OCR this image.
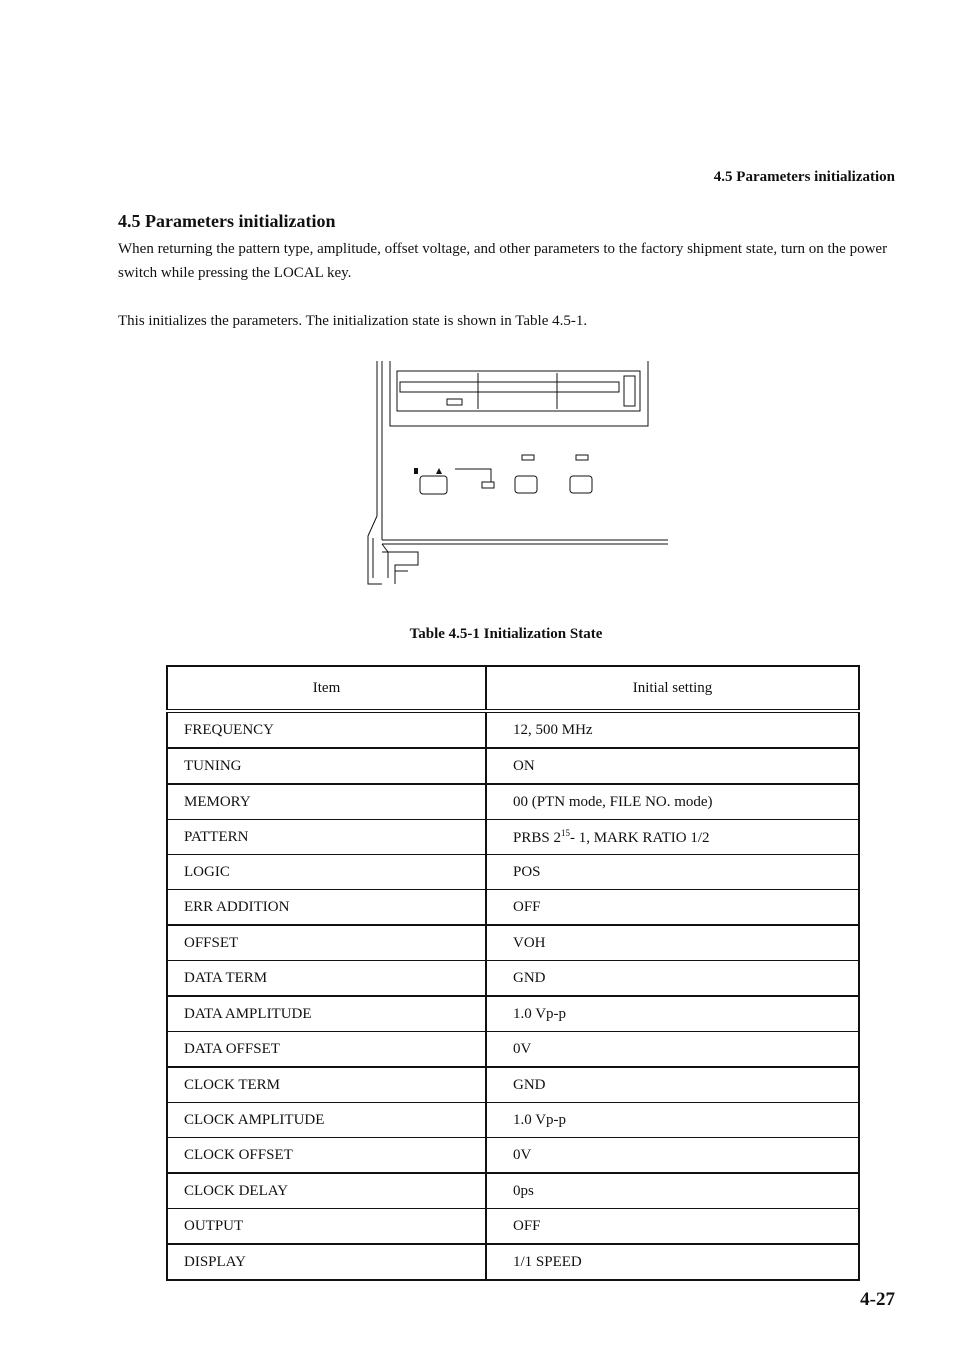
4.5 Parameters initialization
4.5 Parameters initialization

When returning the pattern type, amplitude, offset voltage, and other parameters to the factory shipment state, turn on the power switch while pressing the LOCAL key.

This initializes the parameters. The initialization state is shown in Table 4.5-1.

Table 4.5-1 Initialization State
Item	Initial setting
FREQUENCY	12, 500 MHz
TUNING	ON
MEMORY	00 (PTN mode, FILE NO. mode)
PATTERN	PRBS $2^{15}-$ 1, MARK RATIO 1/2
LOGIC	POS
ERR ADDITION	OFF
OFFSET	VOH
DATA TERM	GND
DATA AMPLITUDE	1.0 Vp-p
DATA OFFSET	0V
CLOCK TERM	GND
CLOCK AMPLITUDE	1.0 Vp-p
CLOCK OFFSET	0V
CLOCK DELAY	0ps
OUTPUT	OFF
DISPLAY	1/1 SPEED
4-27
